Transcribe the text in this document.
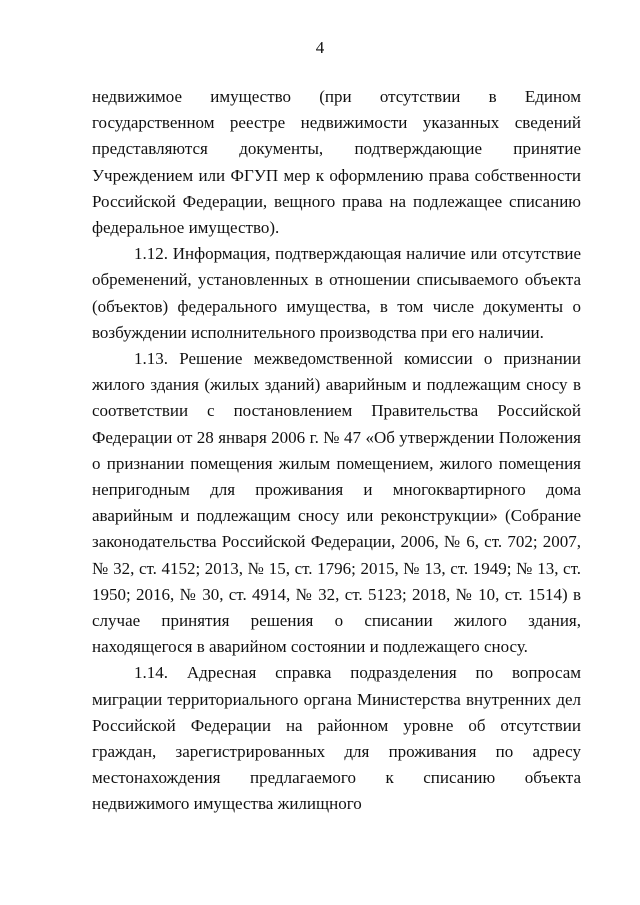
4

недвижимое имущество (при отсутствии в Едином государственном реестре недвижимости указанных сведений представляются документы, подтверждающие принятие Учреждением или ФГУП мер к оформлению права собственности Российской Федерации, вещного права на подлежащее списанию федеральное имущество).

1.12. Информация, подтверждающая наличие или отсутствие обременений, установленных в отношении списываемого объекта (объектов) федерального имущества, в том числе документы о возбуждении исполнительного производства при его наличии.

1.13. Решение межведомственной комиссии о признании жилого здания (жилых зданий) аварийным и подлежащим сносу в соответствии с постановлением Правительства Российской Федерации от 28 января 2006 г. № 47 «Об утверждении Положения о признании помещения жилым помещением, жилого помещения непригодным для проживания и многоквартирного дома аварийным и подлежащим сносу или реконструкции» (Собрание законодательства Российской Федерации, 2006, № 6, ст. 702; 2007, № 32, ст. 4152; 2013, № 15, ст. 1796; 2015, № 13, ст. 1949; № 13, ст. 1950; 2016, № 30, ст. 4914, № 32, ст. 5123; 2018, № 10, ст. 1514) в случае принятия решения о списании жилого здания, находящегося в аварийном состоянии и подлежащего сносу.

1.14. Адресная справка подразделения по вопросам миграции территориального органа Министерства внутренних дел Российской Федерации на районном уровне об отсутствии граждан, зарегистрированных для проживания по адресу местонахождения предлагаемого к списанию объекта недвижимого имущества жилищного
